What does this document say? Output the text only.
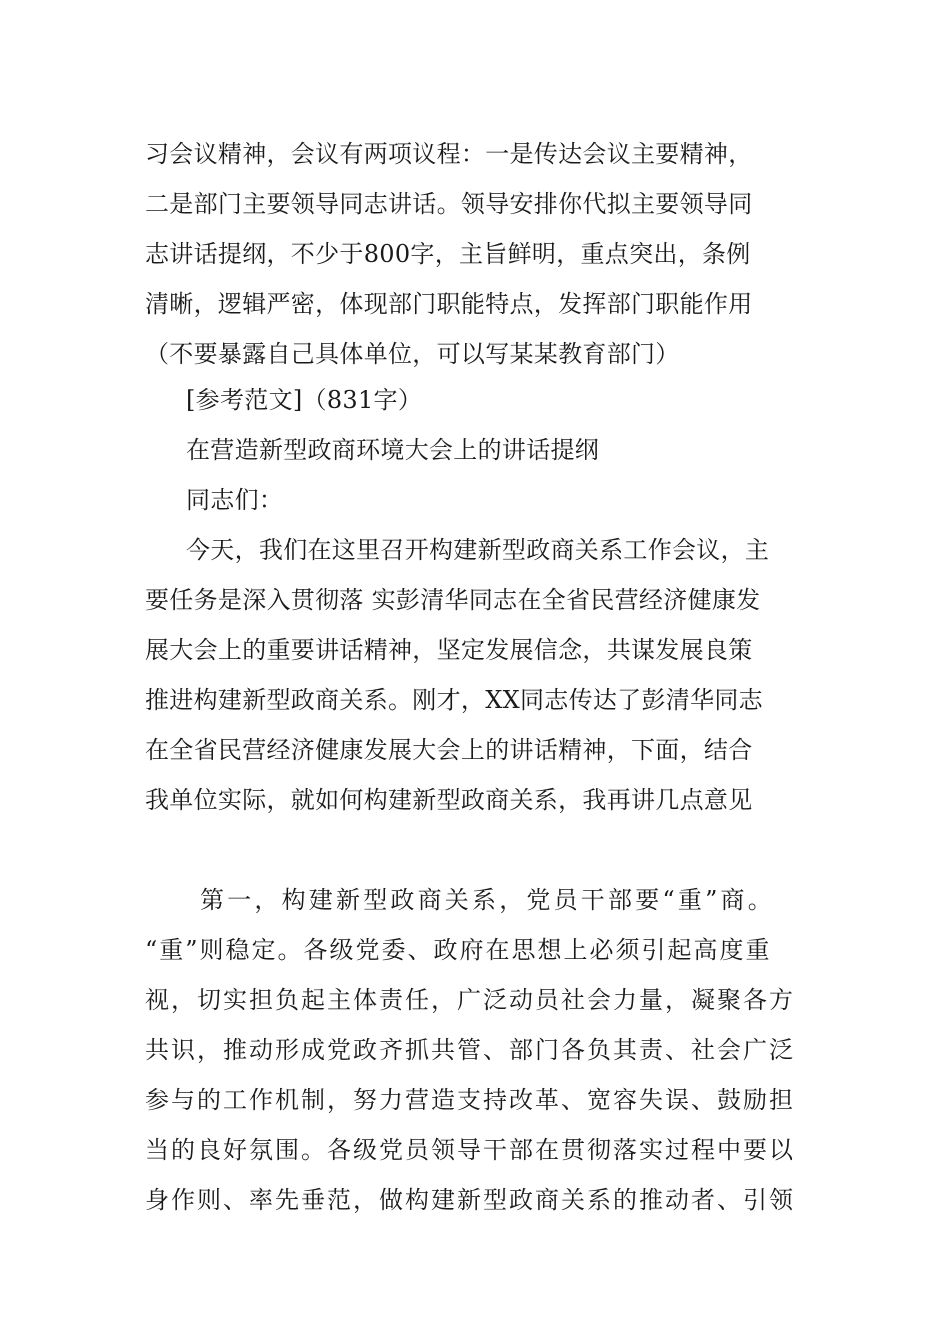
习会议精神，会议有两项议程：一是传达会议主要精神，
二是部门主要领导同志讲话。领导安排你代拟主要领导同
志讲话提纲，不少于800字，主旨鲜明，重点突出，条例
清晰，逻辑严密，体现部门职能特点，发挥部门职能作用
（不要暴露自己具体单位，可以写某某教育部门）
[参考范文]（831字）
在营造新型政商环境大会上的讲话提纲
同志们：
今天，我们在这里召开构建新型政商关系工作会议，主
要任务是深入贯彻落 实彭清华同志在全省民营经济健康发
展大会上的重要讲话精神，坚定发展信念，共谋发展良策
推进构建新型政商关系。刚才，XX同志传达了彭清华同志
在全省民营经济健康发展大会上的讲话精神，下面，结合
我单位实际，就如何构建新型政商关系，我再讲几点意见
第一，构建新型政商关系，党员干部要“重”商。
“重”则稳定。各级党委、政府在思想上必须引起高度重
视，切实担负起主体责任，广泛动员社会力量，凝聚各方
共识，推动形成党政齐抓共管、部门各负其责、社会广泛
参与的工作机制，努力营造支持改革、宽容失误、鼓励担
当的良好氛围。各级党员领导干部在贯彻落实过程中要以
身作则、率先垂范，做构建新型政商关系的推动者、引领
